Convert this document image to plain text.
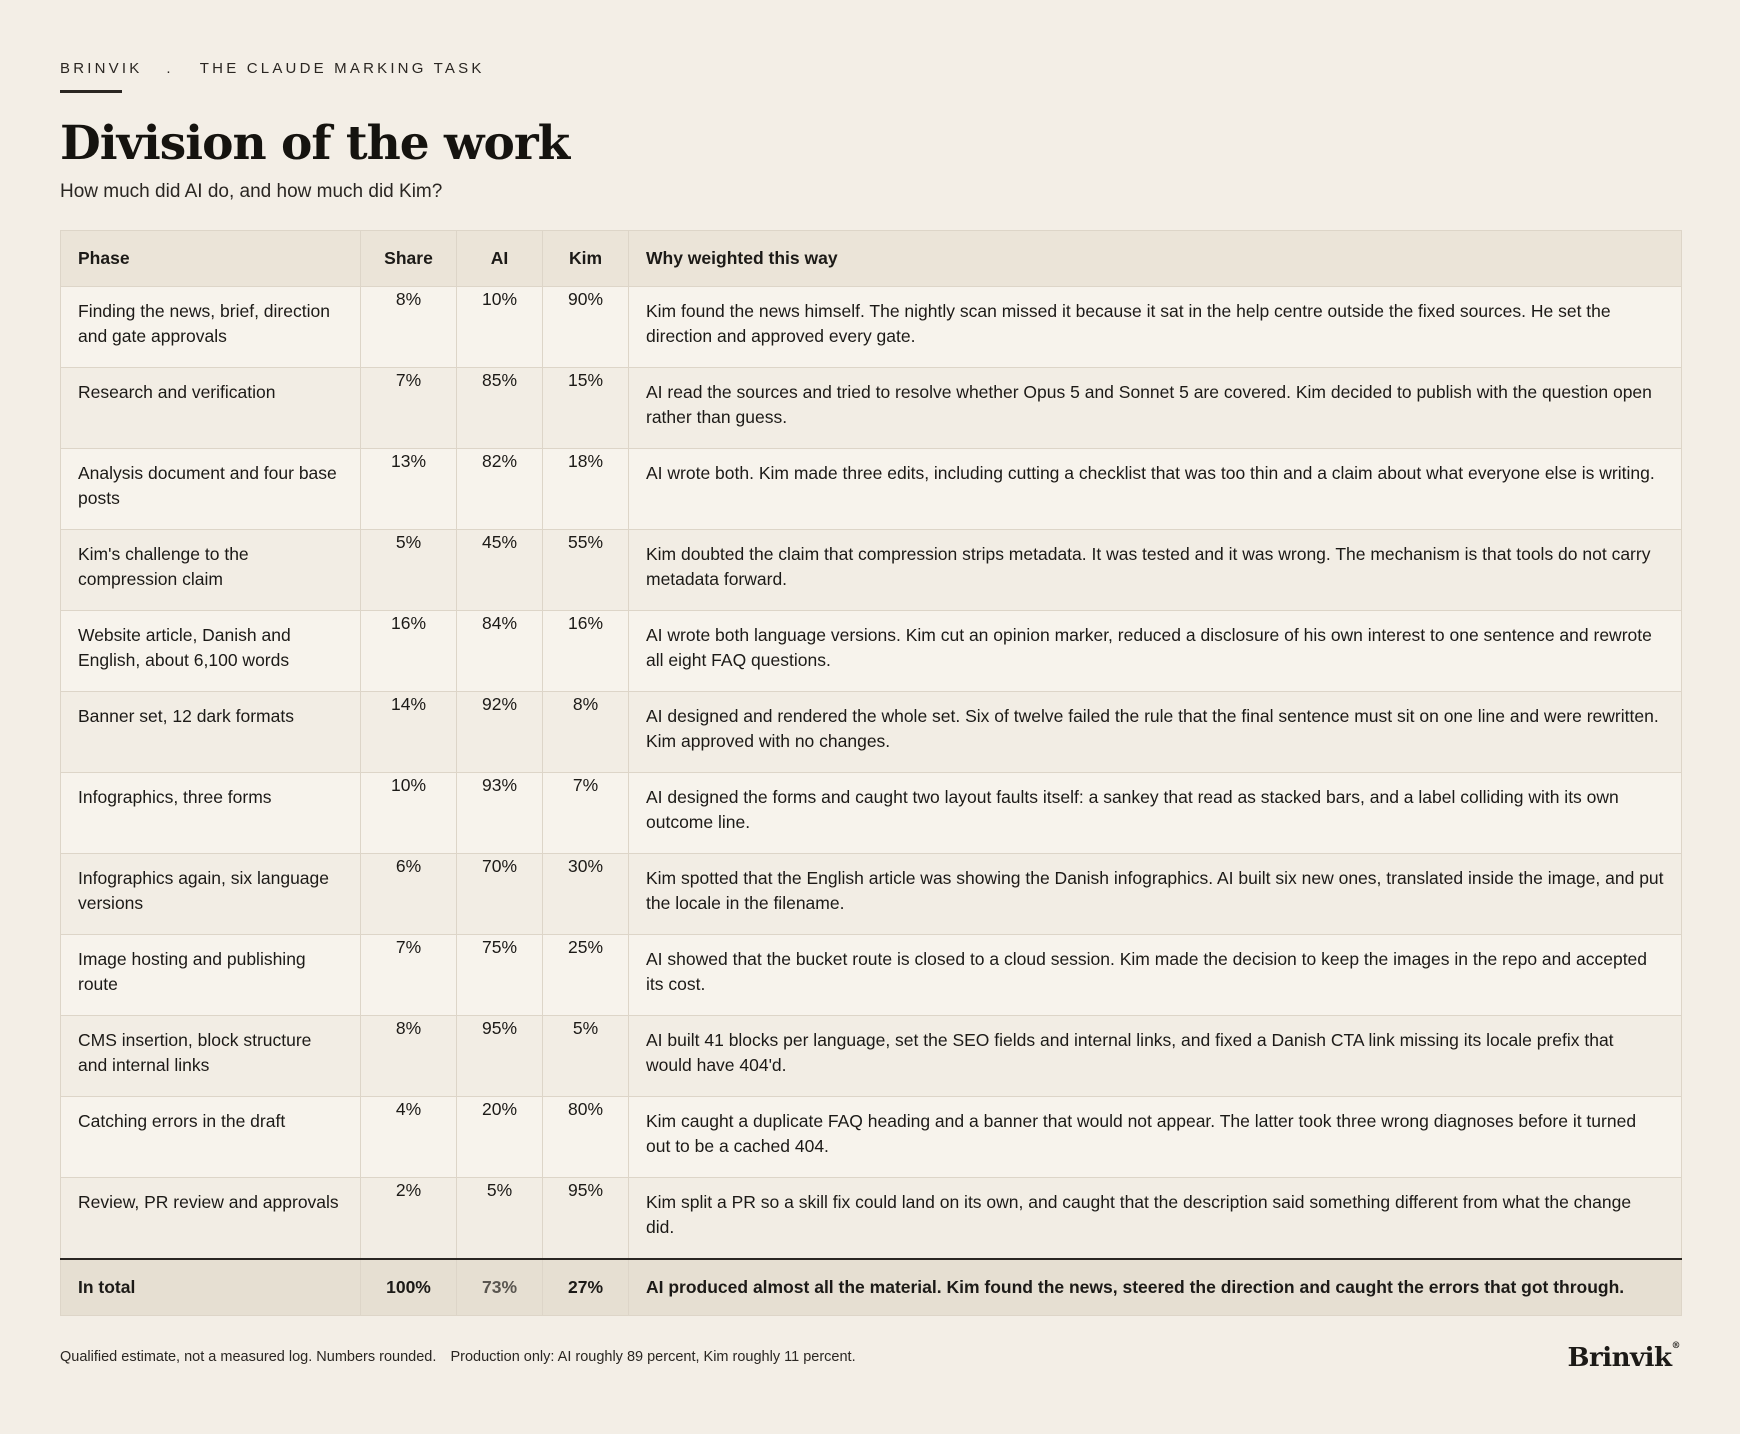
BRINVIK . THE CLAUDE MARKING TASK
Division of the work
How much did AI do, and how much did Kim?
Phase	Share	AI	Kim	Why weighted this way
Finding the news, brief, direction and gate approvals	8%	10%	90%	Kim found the news himself. The nightly scan missed it because it sat in the help centre outside the fixed sources. He set the direction and approved every gate.
Research and verification	7%	85%	15%	AI read the sources and tried to resolve whether Opus 5 and Sonnet 5 are covered. Kim decided to publish with the question open rather than guess.
Analysis document and four base posts	13%	82%	18%	AI wrote both. Kim made three edits, including cutting a checklist that was too thin and a claim about what everyone else is writing.
Kim's challenge to the compression claim	5%	45%	55%	Kim doubted the claim that compression strips metadata. It was tested and it was wrong. The mechanism is that tools do not carry metadata forward.
Website article, Danish and English, about 6,100 words	16%	84%	16%	AI wrote both language versions. Kim cut an opinion marker, reduced a disclosure of his own interest to one sentence and rewrote all eight FAQ questions.
Banner set, 12 dark formats	14%	92%	8%	AI designed and rendered the whole set. Six of twelve failed the rule that the final sentence must sit on one line and were rewritten. Kim approved with no changes.
Infographics, three forms	10%	93%	7%	AI designed the forms and caught two layout faults itself: a sankey that read as stacked bars, and a label colliding with its own outcome line.
Infographics again, six language versions	6%	70%	30%	Kim spotted that the English article was showing the Danish infographics. AI built six new ones, translated inside the image, and put the locale in the filename.
Image hosting and publishing route	7%	75%	25%	AI showed that the bucket route is closed to a cloud session. Kim made the decision to keep the images in the repo and accepted its cost.
CMS insertion, block structure and internal links	8%	95%	5%	AI built 41 blocks per language, set the SEO fields and internal links, and fixed a Danish CTA link missing its locale prefix that would have 404'd.
Catching errors in the draft	4%	20%	80%	Kim caught a duplicate FAQ heading and a banner that would not appear. The latter took three wrong diagnoses before it turned out to be a cached 404.
Review, PR review and approvals	2%	5%	95%	Kim split a PR so a skill fix could land on its own, and caught that the description said something different from what the change did.
In total	100%	73%	27%	AI produced almost all the material. Kim found the news, steered the direction and caught the errors that got through.
Qualified estimate, not a measured log. Numbers rounded. Production only: AI roughly 89 percent, Kim roughly 11 percent.	Brinvik®
